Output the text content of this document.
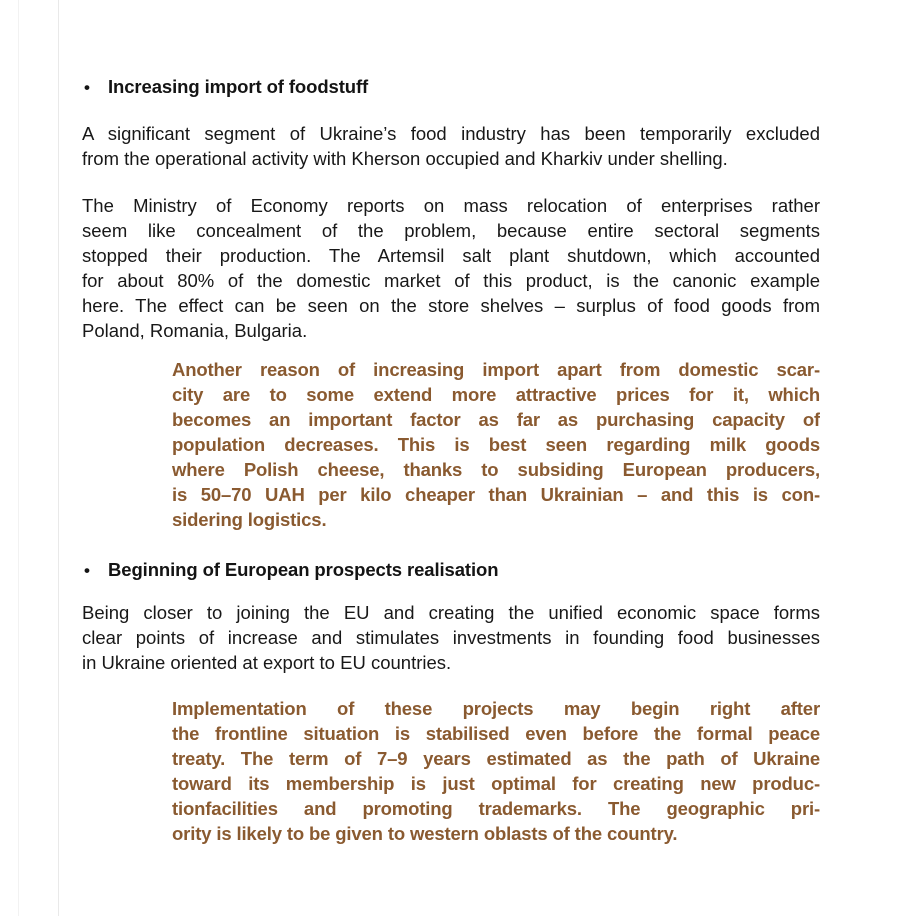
• Increasing import of foodstuff
A significant segment of Ukraine’s food industry has been temporarily excluded
from the operational activity with Kherson occupied and Kharkiv under shelling.
The Ministry of Economy reports on mass relocation of enterprises rather
seem like concealment of the problem, because entire sectoral segments
stopped their production. The Artemsil salt plant shutdown, which accounted
for about 80% of the domestic market of this product, is the canonic example
here. The effect can be seen on the store shelves – surplus of food goods from
Poland, Romania, Bulgaria.
Another reason of increasing import apart from domestic scar-
city are to some extend more attractive prices for it, which
becomes an important factor as far as purchasing capacity of
population decreases. This is best seen regarding milk goods
where Polish cheese, thanks to subsiding European producers,
is 50–70 UAH per kilo cheaper than Ukrainian – and this is con-
sidering logistics.
• Beginning of European prospects realisation
Being closer to joining the EU and creating the unified economic space forms
clear points of increase and stimulates investments in founding food businesses
in Ukraine oriented at export to EU countries.
Implementation of these projects may begin right after
the frontline situation is stabilised even before the formal peace
treaty. The term of 7–9 years estimated as the path of Ukraine
toward its membership is just optimal for creating new produc-
tionfacilities and promoting trademarks. The geographic pri-
ority is likely to be given to western oblasts of the country.
